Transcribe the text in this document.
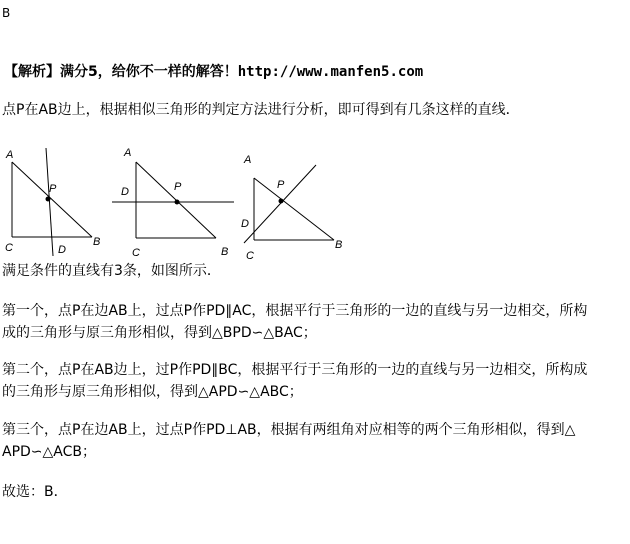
B
【解析】满分5，给你不一样的解答！http://www.manfen5.com
点P在AB边上，根据相似三角形的判定方法进行分析，即可得到有几条这样的直线．
A
P
C	D
B
A
D	P
C	B
A
P
D
C
B
满足条件的直线有3条，如图所示．
第一个，点P在边AB上，过点P作PD∥AC，根据平行于三角形的一边的直线与另一边相交，所构
成的三角形与原三角形相似，得到△BPD∽△BAC；
第二个，点P在AB边上，过P作PD∥BC，根据平行于三角形的一边的直线与另一边相交，所构成
的三角形与原三角形相似，得到△APD∽△ABC；
第三个，点P在边AB上，过点P作PD⊥AB，根据有两组角对应相等的两个三角形相似，得到△
APD∽△ACB；
故选：B．
